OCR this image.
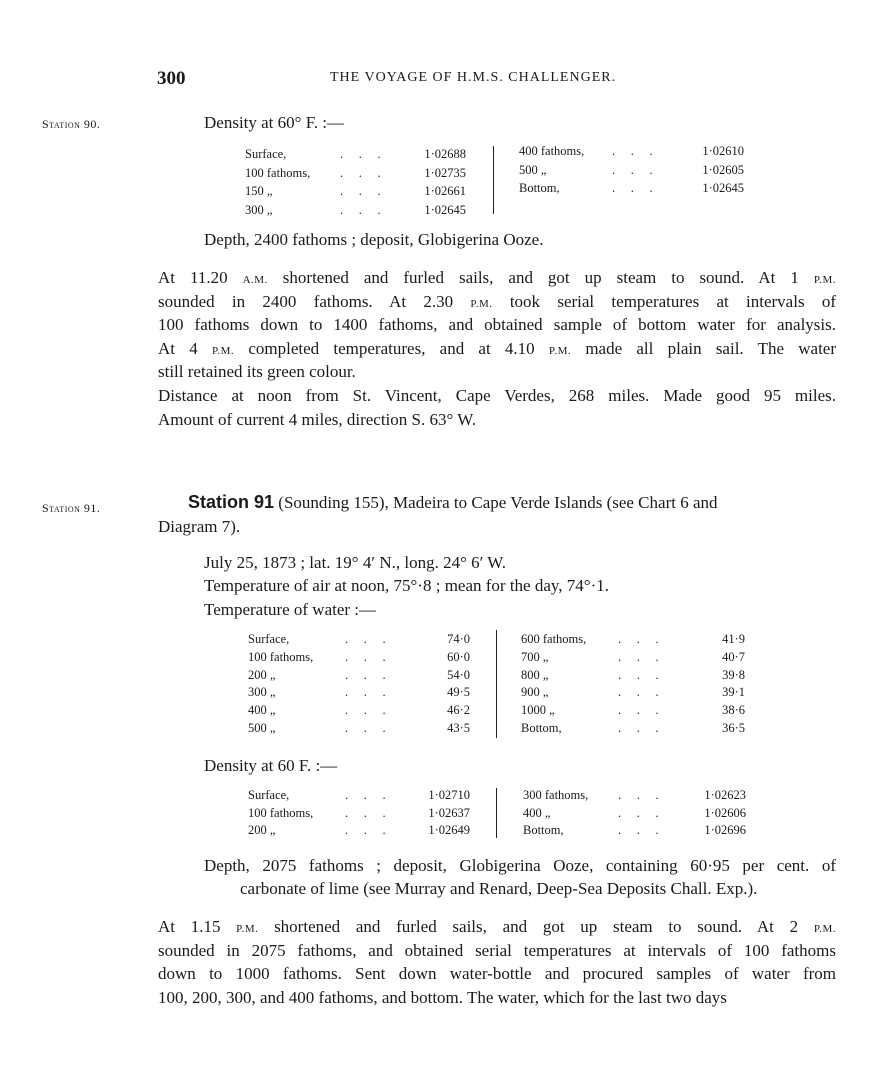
300	THE VOYAGE OF H.M.S. CHALLENGER.
Station 90.	Density at 60° F. :—
Surface,	.     .     .	1·02688
100 fathoms, .     .     .	1·02735
150 „	.     .     .	1·02661
300 „	.     .     .	1·02645
400 fathoms, .     .     .	1·02610
500 „	.     .     .	1·02605
Bottom,	.     .     .	1·02645
Depth, 2400 fathoms ; deposit, Globigerina Ooze.
At 11.20 A.M. shortened and furled sails, and got up steam to sound. At 1 P.M.
sounded in 2400 fathoms. At 2.30 P.M. took serial temperatures at intervals of
100 fathoms down to 1400 fathoms, and obtained sample of bottom water for analysis.
At 4 P.M. completed temperatures, and at 4.10 P.M. made all plain sail. The water
still retained its green colour.
Distance at noon from St. Vincent, Cape Verdes, 268 miles. Made good 95 miles.
Amount of current 4 miles, direction S. 63° W.
Station 91.	Station 91 (Sounding 155), Madeira to Cape Verde Islands (see Chart 6 and
Diagram 7).
July 25, 1873 ; lat. 19° 4′ N., long. 24° 6′ W.
Temperature of air at noon, 75°·8 ; mean for the day, 74°·1.
Temperature of water :—
Surface,	.     .     .	74·0
100 fathoms,	.     .     .	60·0
200 „	.     .     .	54·0
300 „	.     .     .	49·5
400 „	.     .     .	46·2
500 „	.     .     .	43·5
600 fathoms,	.     .     .	41·9
700 „	.     .     .	40·7
800 „	.     .     .	39·8
900 „	.     .     .	39·1
1000 „	.     .     .	38·6
Bottom,	.     .     .	36·5
Density at 60 F. :—
Surface,	.     .     .	1·02710
100 fathoms,	.     .     .	1·02637
200 „	.     .     .	1·02649
300 fathoms, .     .     .	1·02623
400 „	.     .     .	1·02606
Bottom,	.     .     .	1·02696
Depth, 2075 fathoms ; deposit, Globigerina Ooze, containing 60·95 per cent. of
carbonate of lime (see Murray and Renard, Deep-Sea Deposits Chall. Exp.).
At 1.15 P.M. shortened and furled sails, and got up steam to sound. At 2 P.M.
sounded in 2075 fathoms, and obtained serial temperatures at intervals of 100 fathoms
down to 1000 fathoms. Sent down water-bottle and procured samples of water from
100, 200, 300, and 400 fathoms, and bottom. The water, which for the last two days
